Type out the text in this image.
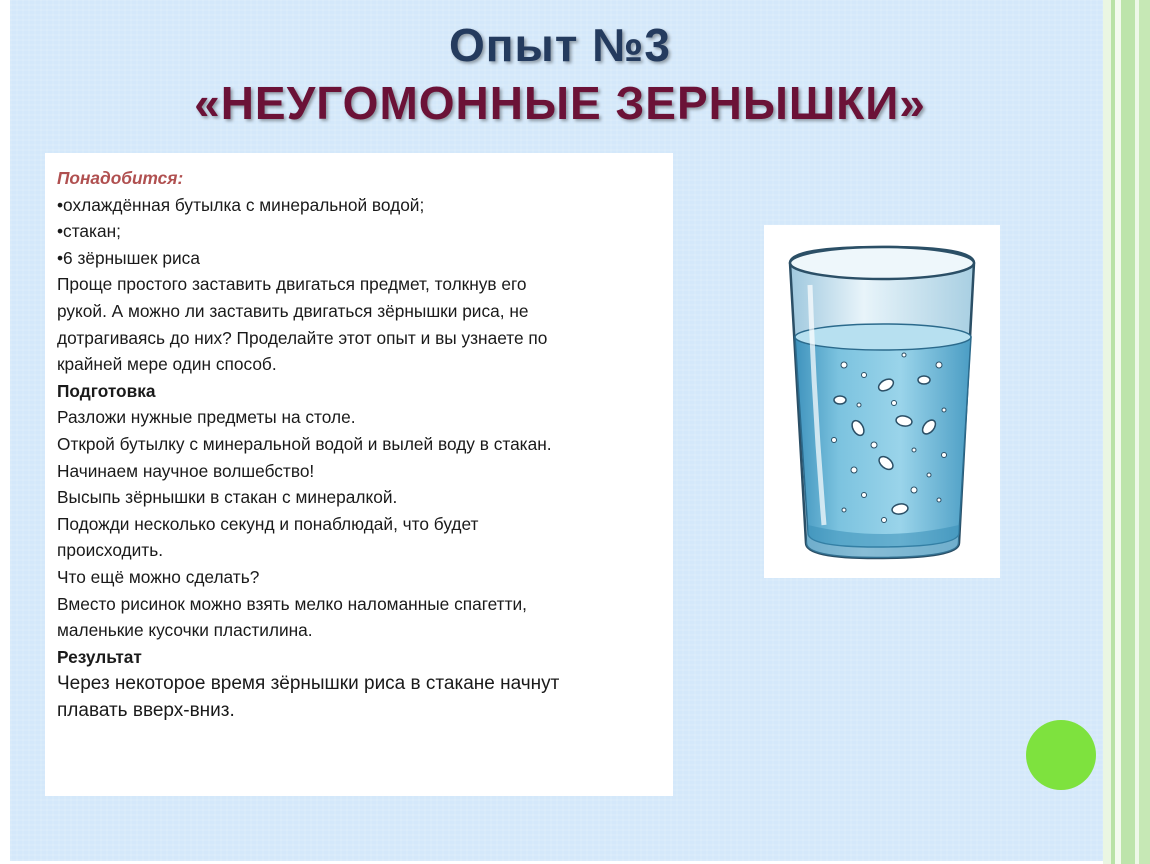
Опыт №3
«НЕУГОМОННЫЕ ЗЕРНЫШКИ»

Понадобится:

•охлаждённая бутылка с минеральной водой;

•стакан;

•6 зёрнышек риса

Проще простого заставить двигаться предмет, толкнув его

рукой. А можно ли заставить двигаться зёрнышки риса, не

дотрагиваясь до них? Проделайте этот опыт и вы узнаете по

крайней мере один способ.

Подготовка

Разложи нужные предметы на столе.

Открой бутылку с минеральной водой и вылей воду в стакан.

Начинаем научное волшебство!

Высыпь зёрнышки в стакан с минералкой.

Подожди несколько секунд и понаблюдай, что будет

происходить.

Что ещё можно сделать?

Вместо рисинок можно взять мелко наломанные спагетти,

маленькие кусочки пластилина.

Результат

Через некоторое время зёрнышки риса в стакане начнут

плавать вверх-вниз.
